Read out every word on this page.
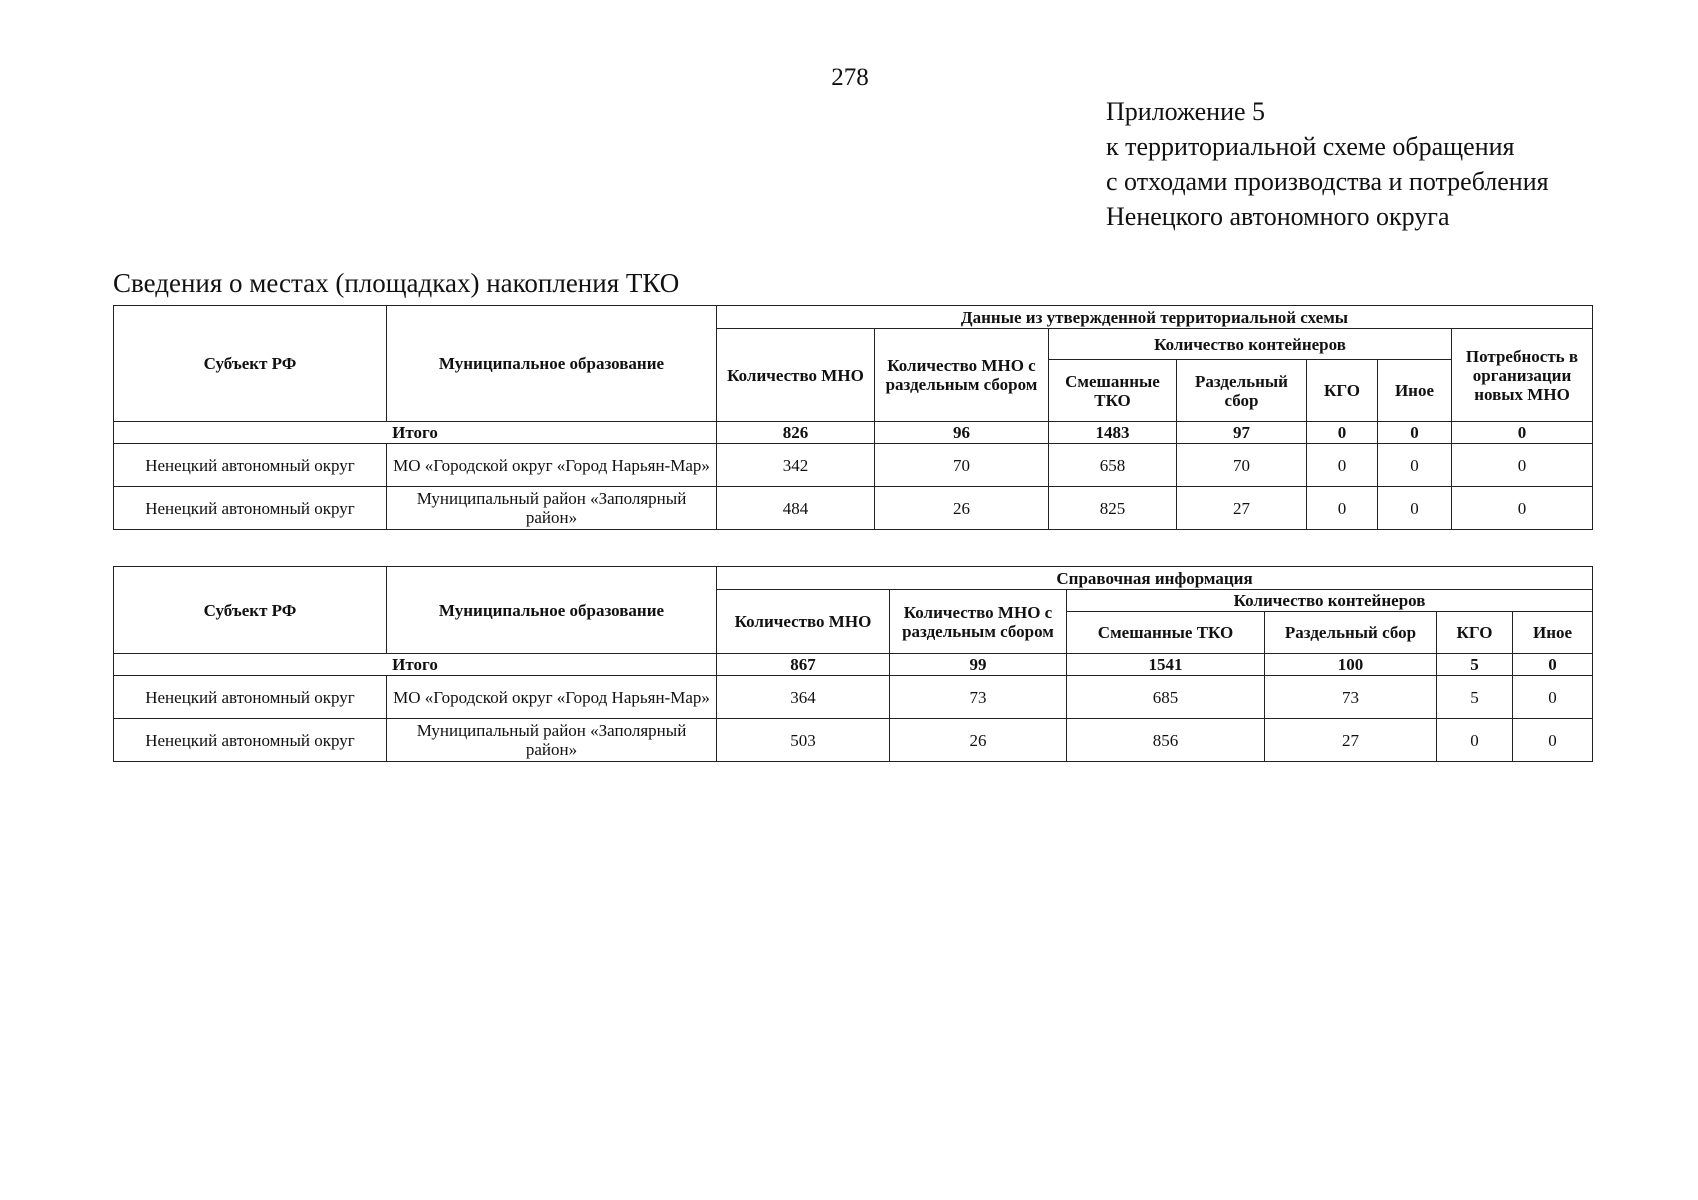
278
Приложение 5
к территориальной схеме обращения
с отходами производства и потребления
Ненецкого автономного округа
Сведения о местах (площадках) накопления ТКО
Субъект РФ	Муниципальное образование	Данные из утвержденной территориальной схемы						
		Количество МНО	Количество МНО с раздельным сбором	Количество контейнеров				Потребность в организации новых МНО
				Смешанные ТКО	Раздельный сбор	КГО	Иное	
Итого		826	96	1483	97	0	0	0
Ненецкий автономный округ	МО «Городской округ «Город Нарьян-Мар»	342	70	658	70	0	0	0
Ненецкий автономный округ	Муниципальный район «Заполярный район»	484	26	825	27	0	0	0
Субъект РФ	Муниципальное образование	Справочная информация					
		Количество МНО	Количество МНО с раздельным сбором	Количество контейнеров			
				Смешанные ТКО	Раздельный сбор	КГО	Иное
Итого		867	99	1541	100	5	0
Ненецкий автономный округ	МО «Городской округ «Город Нарьян-Мар»	364	73	685	73	5	0
Ненецкий автономный округ	Муниципальный район «Заполярный район»	503	26	856	27	0	0
